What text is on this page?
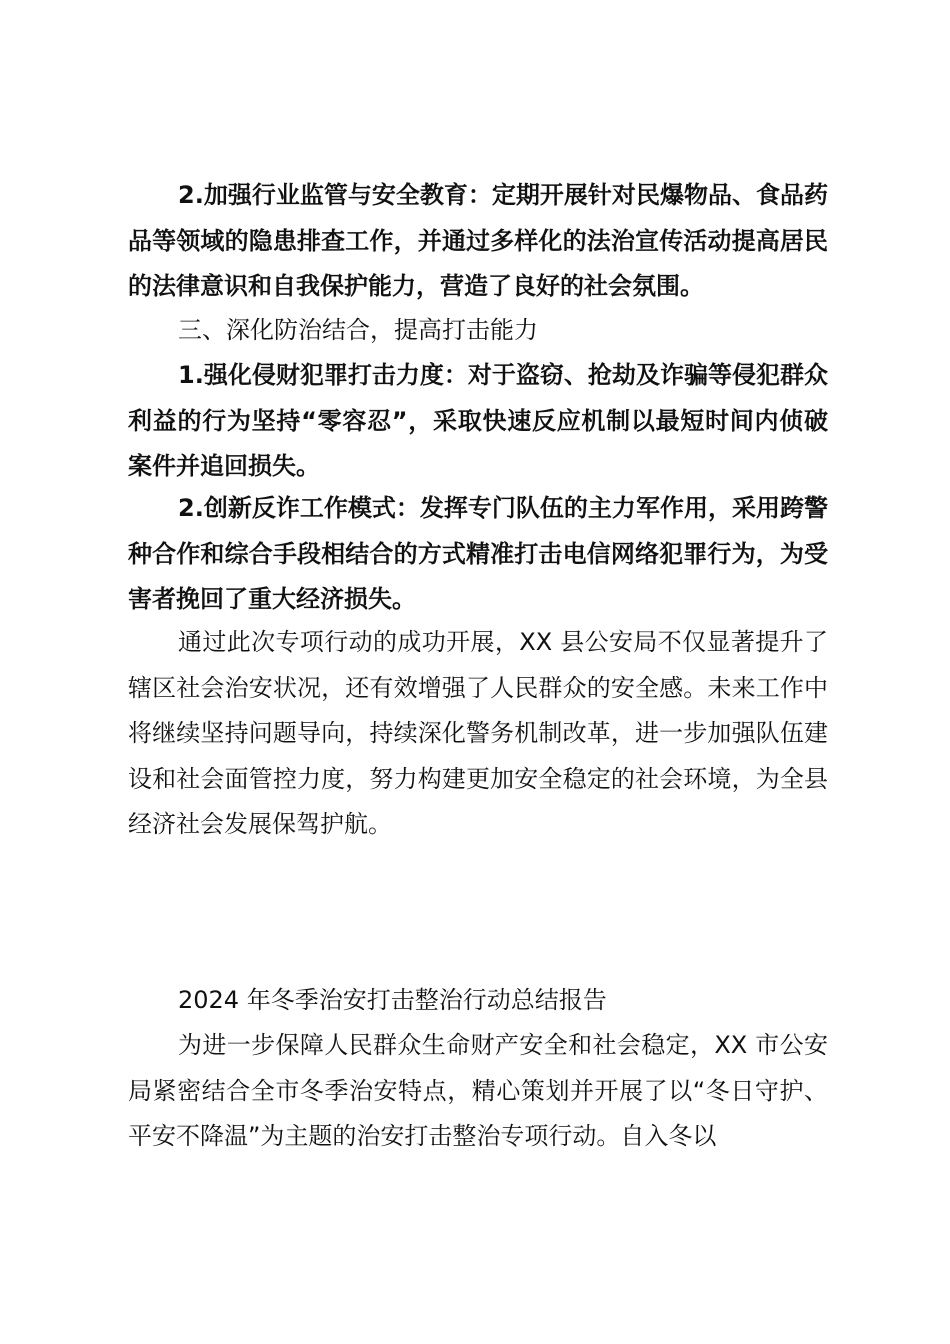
2.加强行业监管与安全教育：定期开展针对民爆物品、食品药品等领域的隐患排查工作，并通过多样化的法治宣传活动提高居民的法律意识和自我保护能力，营造了良好的社会氛围。

三、深化防治结合，提高打击能力

1.强化侵财犯罪打击力度：对于盗窃、抢劫及诈骗等侵犯群众利益的行为坚持“零容忍”，采取快速反应机制以最短时间内侦破案件并追回损失。

2.创新反诈工作模式：发挥专门队伍的主力军作用，采用跨警种合作和综合手段相结合的方式精准打击电信网络犯罪行为，为受害者挽回了重大经济损失。

通过此次专项行动的成功开展，XX 县公安局不仅显著提升了辖区社会治安状况，还有效增强了人民群众的安全感。未来工作中将继续坚持问题导向，持续深化警务机制改革，进一步加强队伍建设和社会面管控力度，努力构建更加安全稳定的社会环境，为全县经济社会发展保驾护航。

2024 年冬季治安打击整治行动总结报告

为进一步保障人民群众生命财产安全和社会稳定，XX 市公安局紧密结合全市冬季治安特点，精心策划并开展了以“冬日守护、平安不降温”为主题的治安打击整治专项行动。自入冬以
